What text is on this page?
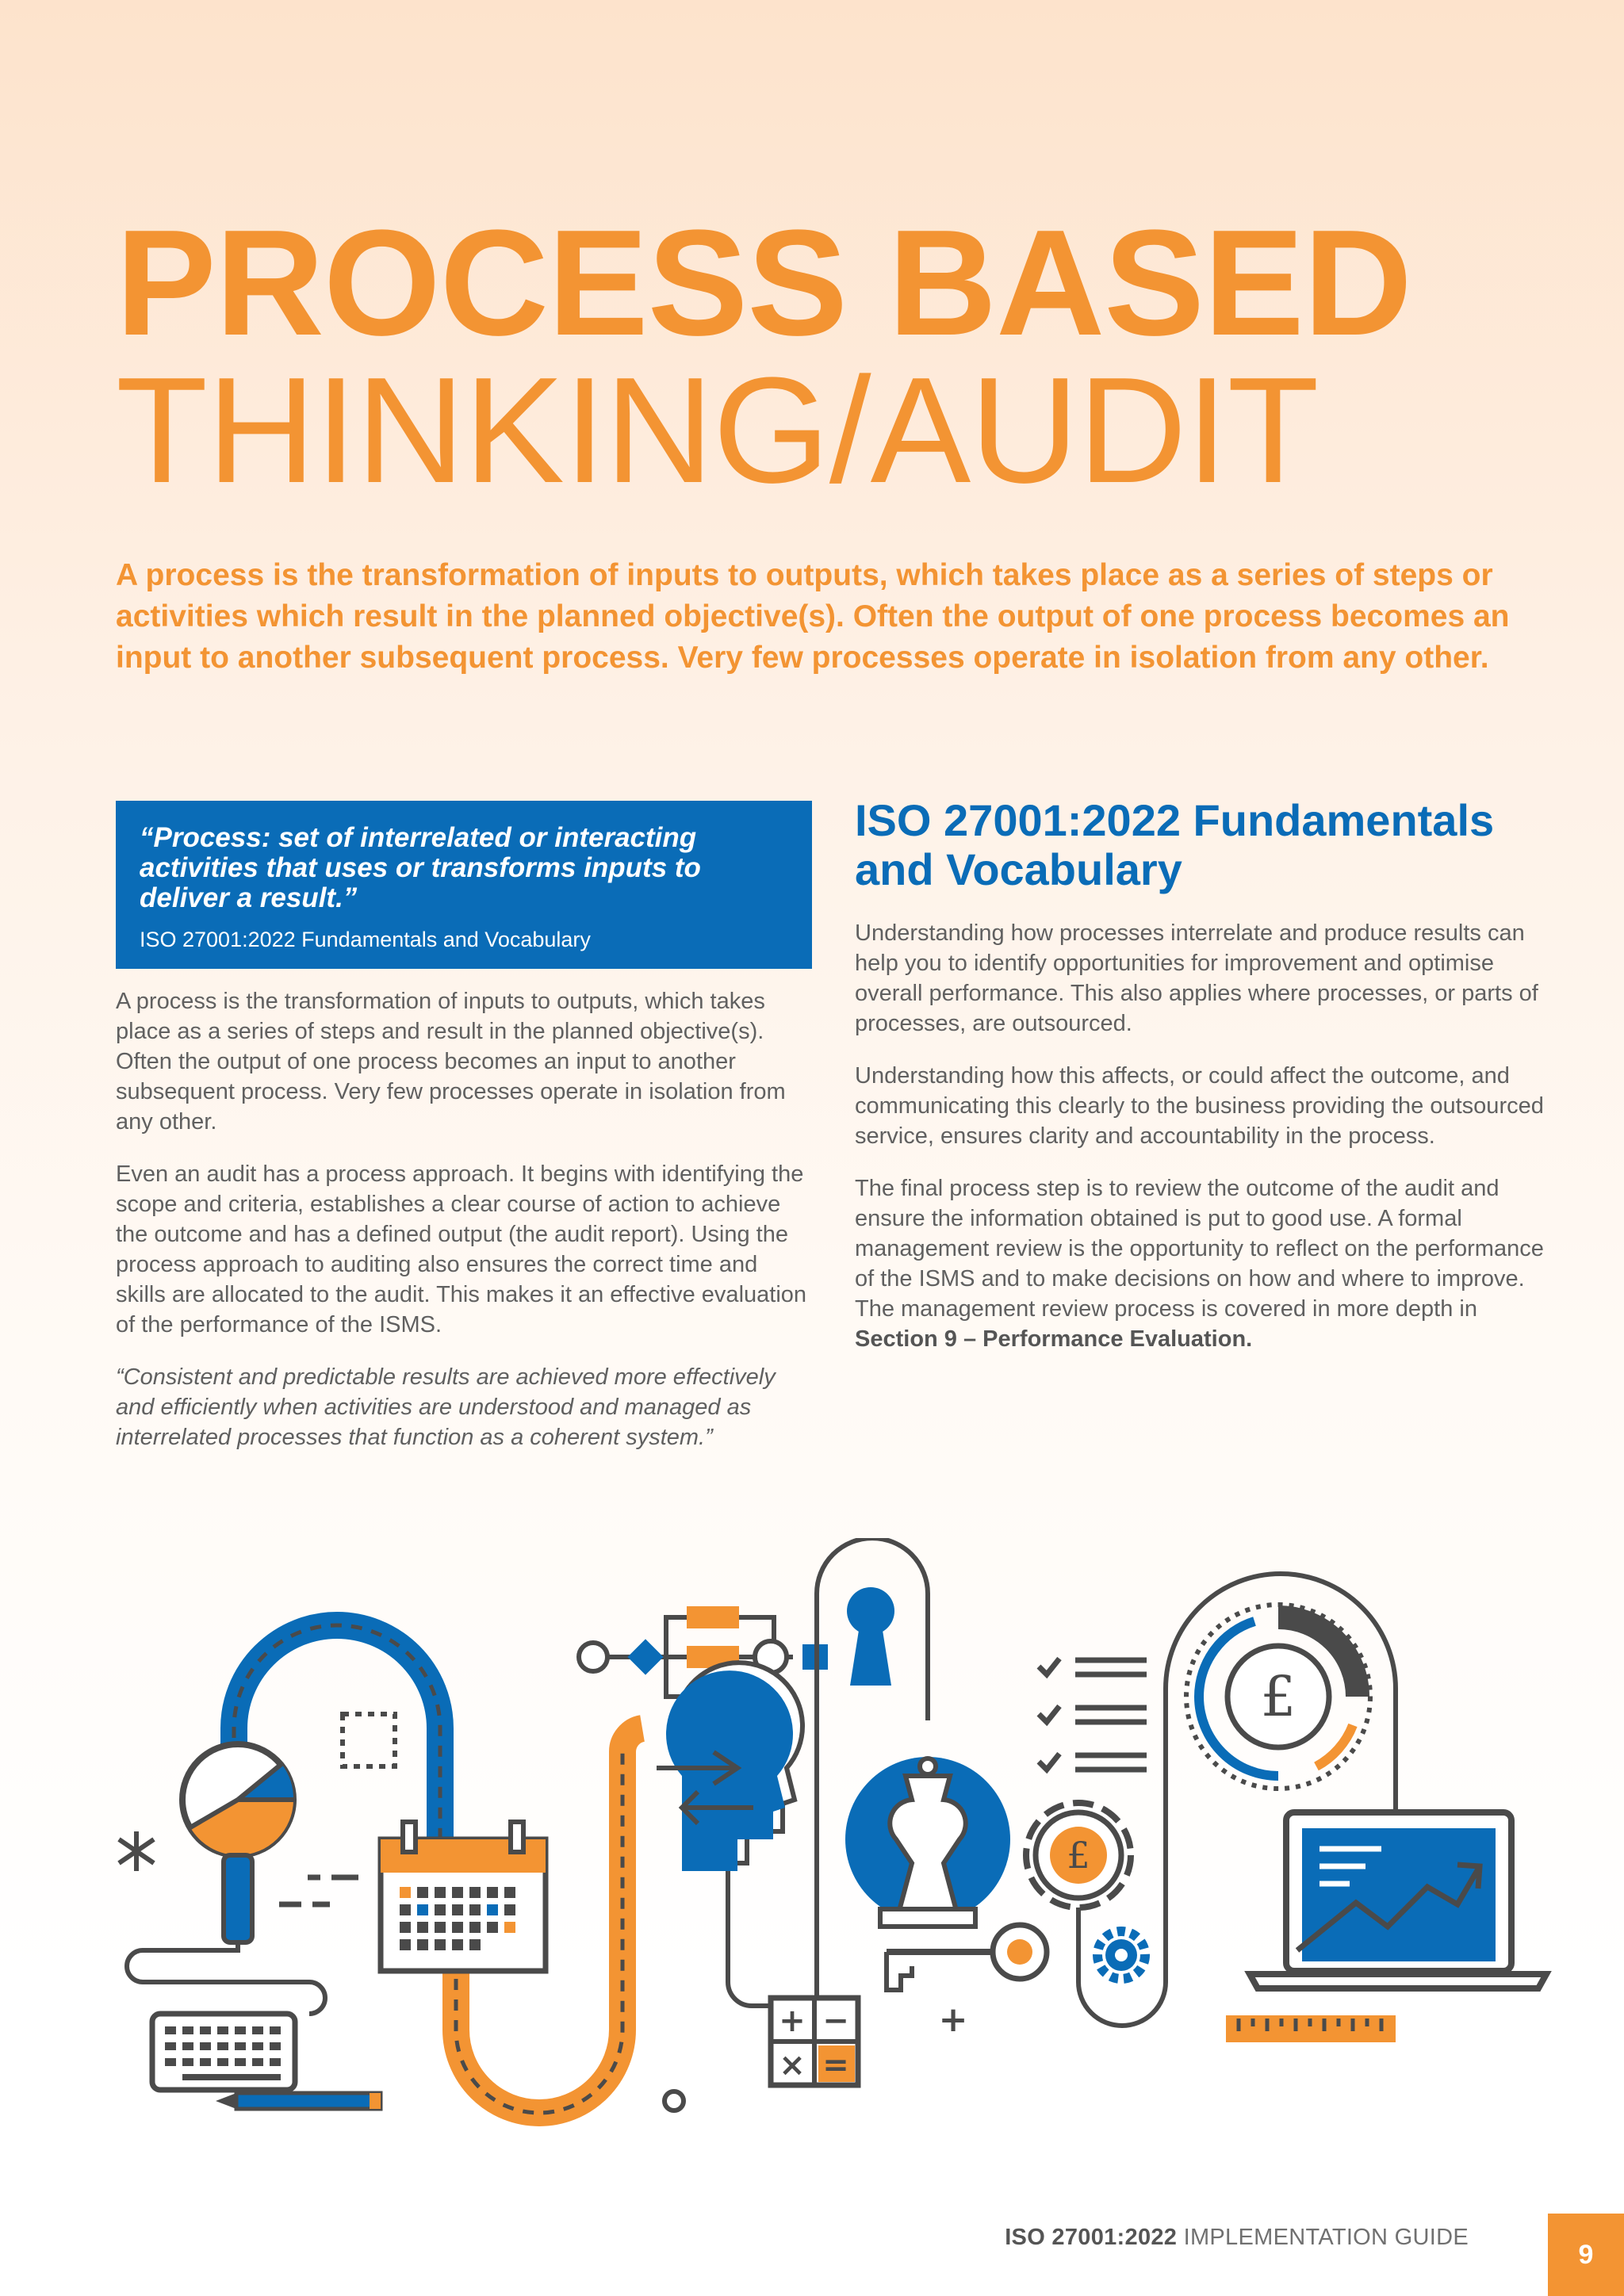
PROCESS BASED
THINKING/AUDIT

A process is the transformation of inputs to outputs, which takes place as a series of steps or activities which result in the planned objective(s). Often the output of one process becomes an input to another subsequent process. Very few processes operate in isolation from any other.

“Process: set of interrelated or interacting activities that uses or transforms inputs to deliver a result.”

ISO 27001:2022 Fundamentals and Vocabulary

A process is the transformation of inputs to outputs, which takes place as a series of steps and result in the planned objective(s). Often the output of one process becomes an input to another subsequent process. Very few processes operate in isolation from any other.

Even an audit has a process approach. It begins with identifying the scope and criteria, establishes a clear course of action to achieve the outcome and has a defined output (the audit report). Using the process approach to auditing also ensures the correct time and skills are allocated to the audit. This makes it an effective evaluation of the performance of the ISMS.

“Consistent and predictable results are achieved more effectively and efficiently when activities are understood and managed as interrelated processes that function as a coherent system.”

ISO 27001:2022 Fundamentals and Vocabulary

Understanding how processes interrelate and produce results can help you to identify opportunities for improvement and optimise overall performance. This also applies where processes, or parts of processes, are outsourced.

Understanding how this affects, or could affect the outcome, and communicating this clearly to the business providing the outsourced service, ensures clarity and accountability in the process.

The final process step is to review the outcome of the audit and ensure the information obtained is put to good use. A formal management review is the opportunity to reflect on the performance of the ISMS and to make decisions on how and where to improve. The management review process is covered in more depth in Section 9 – Performance Evaluation.

+ −
× =
+
£
£
ISO 27001:2022 IMPLEMENTATION GUIDE
9
